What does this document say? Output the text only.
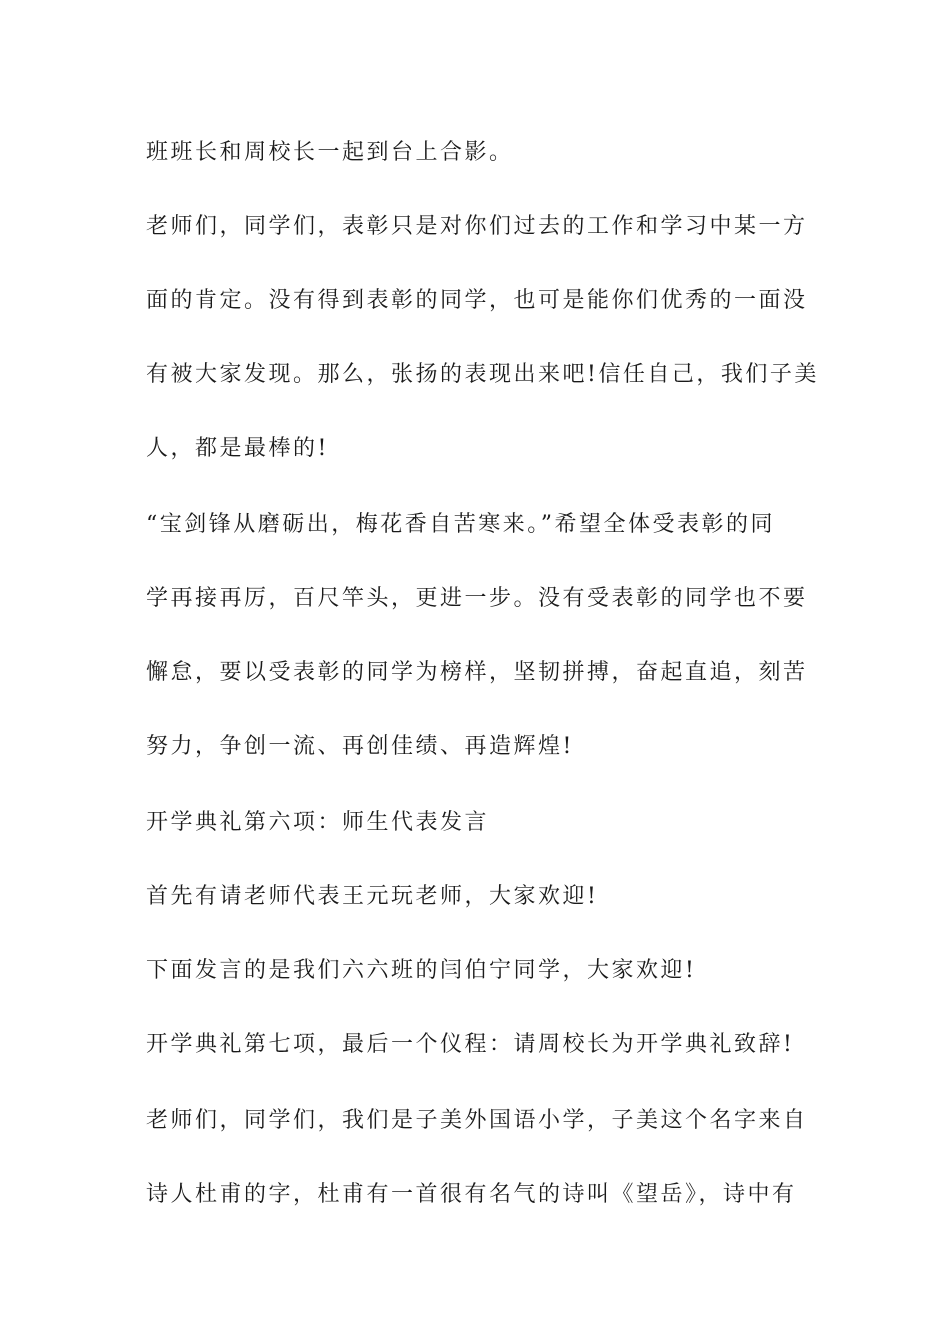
班班长和周校长一起到台上合影。
老师们，同学们，表彰只是对你们过去的工作和学习中某一方
面的肯定。没有得到表彰的同学，也可是能你们优秀的一面没
有被大家发现。那么，张扬的表现出来吧!信任自己，我们子美
人，都是最棒的!
“宝剑锋从磨砺出，梅花香自苦寒来。”希望全体受表彰的同
学再接再厉，百尺竿头，更进一步。没有受表彰的同学也不要
懈怠，要以受表彰的同学为榜样，坚韧拼搏，奋起直追，刻苦
努力，争创一流、再创佳绩、再造辉煌!
开学典礼第六项：师生代表发言
首先有请老师代表王元玩老师，大家欢迎!
下面发言的是我们六六班的闫伯宁同学，大家欢迎!
开学典礼第七项，最后一个仪程：请周校长为开学典礼致辞!
老师们，同学们，我们是子美外国语小学，子美这个名字来自
诗人杜甫的字，杜甫有一首很有名气的诗叫《望岳》，诗中有
